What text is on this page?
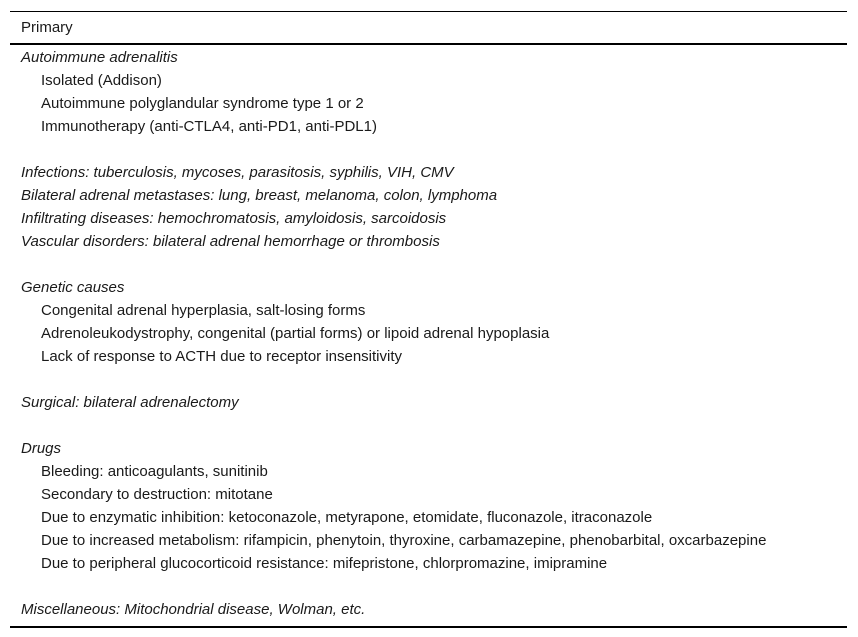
Primary
Autoimmune adrenalitis
Isolated (Addison)
Autoimmune polyglandular syndrome type 1 or 2
Immunotherapy (anti-CTLA4, anti-PD1, anti-PDL1)
Infections: tuberculosis, mycoses, parasitosis, syphilis, VIH, CMV
Bilateral adrenal metastases: lung, breast, melanoma, colon, lymphoma
Infiltrating diseases: hemochromatosis, amyloidosis, sarcoidosis
Vascular disorders: bilateral adrenal hemorrhage or thrombosis
Genetic causes
Congenital adrenal hyperplasia, salt-losing forms
Adrenoleukodystrophy, congenital (partial forms) or lipoid adrenal hypoplasia
Lack of response to ACTH due to receptor insensitivity
Surgical: bilateral adrenalectomy
Drugs
Bleeding: anticoagulants, sunitinib
Secondary to destruction: mitotane
Due to enzymatic inhibition: ketoconazole, metyrapone, etomidate, fluconazole, itraconazole
Due to increased metabolism: rifampicin, phenytoin, thyroxine, carbamazepine, phenobarbital, oxcarbazepine
Due to peripheral glucocorticoid resistance: mifepristone, chlorpromazine, imipramine
Miscellaneous: Mitochondrial disease, Wolman, etc.
